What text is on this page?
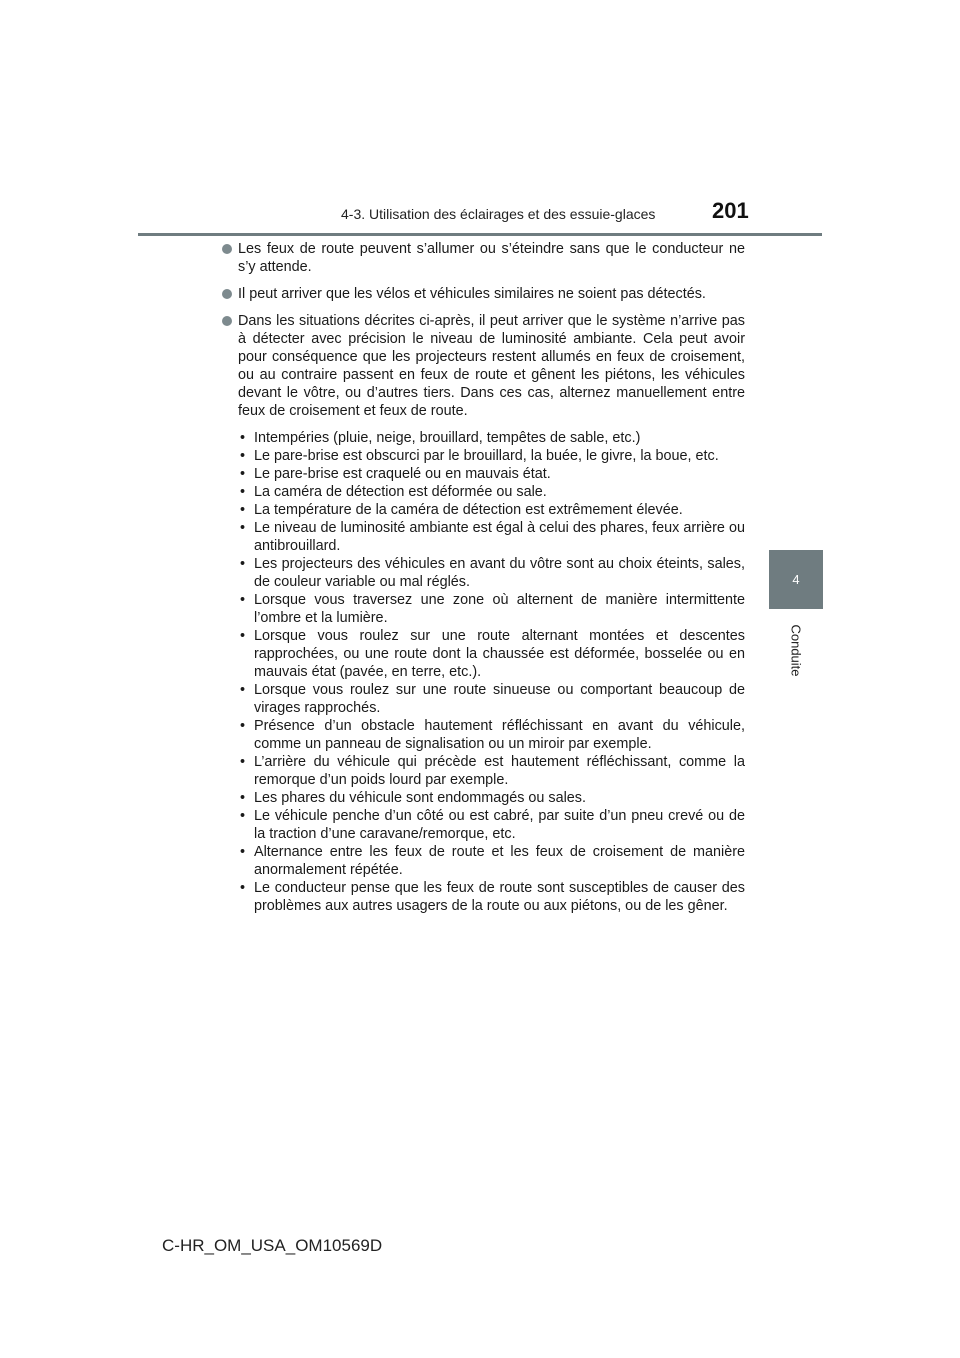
4-3. Utilisation des éclairages et des essuie-glaces	201
4
Conduite
Les feux de route peuvent s’allumer ou s’éteindre sans que le conducteur ne s’y attende.
Il peut arriver que les vélos et véhicules similaires ne soient pas détectés.
Dans les situations décrites ci-après, il peut arriver que le système n’arrive pas à détecter avec précision le niveau de luminosité ambiante. Cela peut avoir pour conséquence que les projecteurs restent allumés en feux de croisement, ou au contraire passent en feux de route et gênent les piétons, les véhicules devant le vôtre, ou d’autres tiers. Dans ces cas, alternez manuellement entre feux de croisement et feux de route.
• Intempéries (pluie, neige, brouillard, tempêtes de sable, etc.)
• Le pare-brise est obscurci par le brouillard, la buée, le givre, la boue, etc.
• Le pare-brise est craquelé ou en mauvais état.
• La caméra de détection est déformée ou sale.
• La température de la caméra de détection est extrêmement élevée.
• Le niveau de luminosité ambiante est égal à celui des phares, feux arrière ou antibrouillard.
• Les projecteurs des véhicules en avant du vôtre sont au choix éteints, sales, de couleur variable ou mal réglés.
• Lorsque vous traversez une zone où alternent de manière intermittente l’ombre et la lumière.
• Lorsque vous roulez sur une route alternant montées et descentes rapprochées, ou une route dont la chaussée est déformée, bosselée ou en mauvais état (pavée, en terre, etc.).
• Lorsque vous roulez sur une route sinueuse ou comportant beaucoup de virages rapprochés.
• Présence d’un obstacle hautement réfléchissant en avant du véhicule, comme un panneau de signalisation ou un miroir par exemple.
• L’arrière du véhicule qui précède est hautement réfléchissant, comme la remorque d’un poids lourd par exemple.
• Les phares du véhicule sont endommagés ou sales.
• Le véhicule penche d’un côté ou est cabré, par suite d’un pneu crevé ou de la traction d’une caravane/remorque, etc.
• Alternance entre les feux de route et les feux de croisement de manière anormalement répétée.
• Le conducteur pense que les feux de route sont susceptibles de causer des problèmes aux autres usagers de la route ou aux piétons, ou de les gêner.
C-HR_OM_USA_OM10569D
